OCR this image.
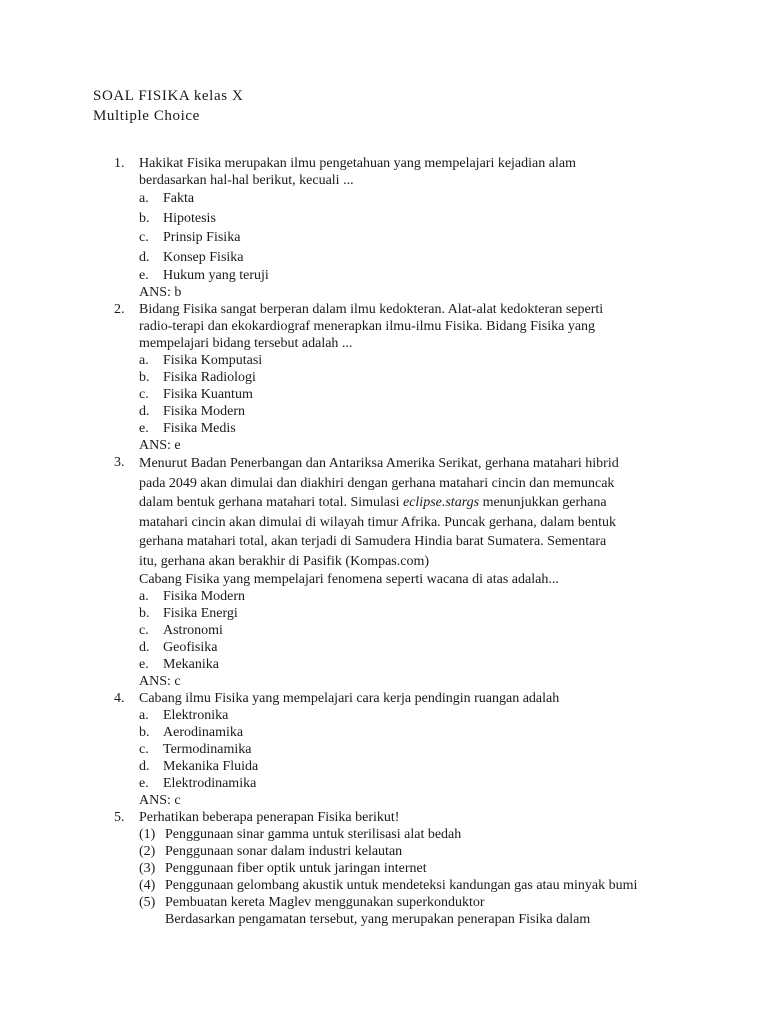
SOAL FISIKA kelas X
Multiple Choice
1.	Hakikat Fisika merupakan ilmu pengetahuan yang mempelajari kejadian alam
berdasarkan hal-hal berikut, kecuali ...
a.	Fakta
b. Hipotesis
c.	Prinsip Fisika
d. Konsep Fisika
e.	Hukum yang teruji
ANS: b
2.	Bidang Fisika sangat berperan dalam ilmu kedokteran. Alat-alat kedokteran seperti
radio-terapi dan ekokardiograf menerapkan ilmu-ilmu Fisika. Bidang Fisika yang
mempelajari bidang tersebut adalah ...
a.	Fisika Komputasi
b. Fisika Radiologi
c.	Fisika Kuantum
d. Fisika Modern
e.	Fisika Medis
ANS: e
3.	Menurut Badan Penerbangan dan Antariksa Amerika Serikat, gerhana matahari hibrid
pada 2049 akan dimulai dan diakhiri dengan gerhana matahari cincin dan memuncak
dalam bentuk gerhana matahari total. Simulasi eclipse.stargs menunjukkan gerhana
matahari cincin akan dimulai di wilayah timur Afrika. Puncak gerhana, dalam bentuk
gerhana matahari total, akan terjadi di Samudera Hindia barat Sumatera. Sementara
itu, gerhana akan berakhir di Pasifik (Kompas.com)
Cabang Fisika yang mempelajari fenomena seperti wacana di atas adalah...
a.	Fisika Modern
b. Fisika Energi
c.	Astronomi
d. Geofisika
e.	Mekanika
ANS: c
4.	Cabang ilmu Fisika yang mempelajari cara kerja pendingin ruangan adalah
a.	Elektronika
b. Aerodinamika
c.	Termodinamika
d. Mekanika Fluida
e.	Elektrodinamika
ANS: c
5.	Perhatikan beberapa penerapan Fisika berikut!
(1) Penggunaan sinar gamma untuk sterilisasi alat bedah
(2) Penggunaan sonar dalam industri kelautan
(3) Penggunaan fiber optik untuk jaringan internet
(4) Penggunaan gelombang akustik untuk mendeteksi kandungan gas atau minyak bumi
(5) Pembuatan kereta Maglev menggunakan superkonduktor
Berdasarkan pengamatan tersebut, yang merupakan penerapan Fisika dalam
